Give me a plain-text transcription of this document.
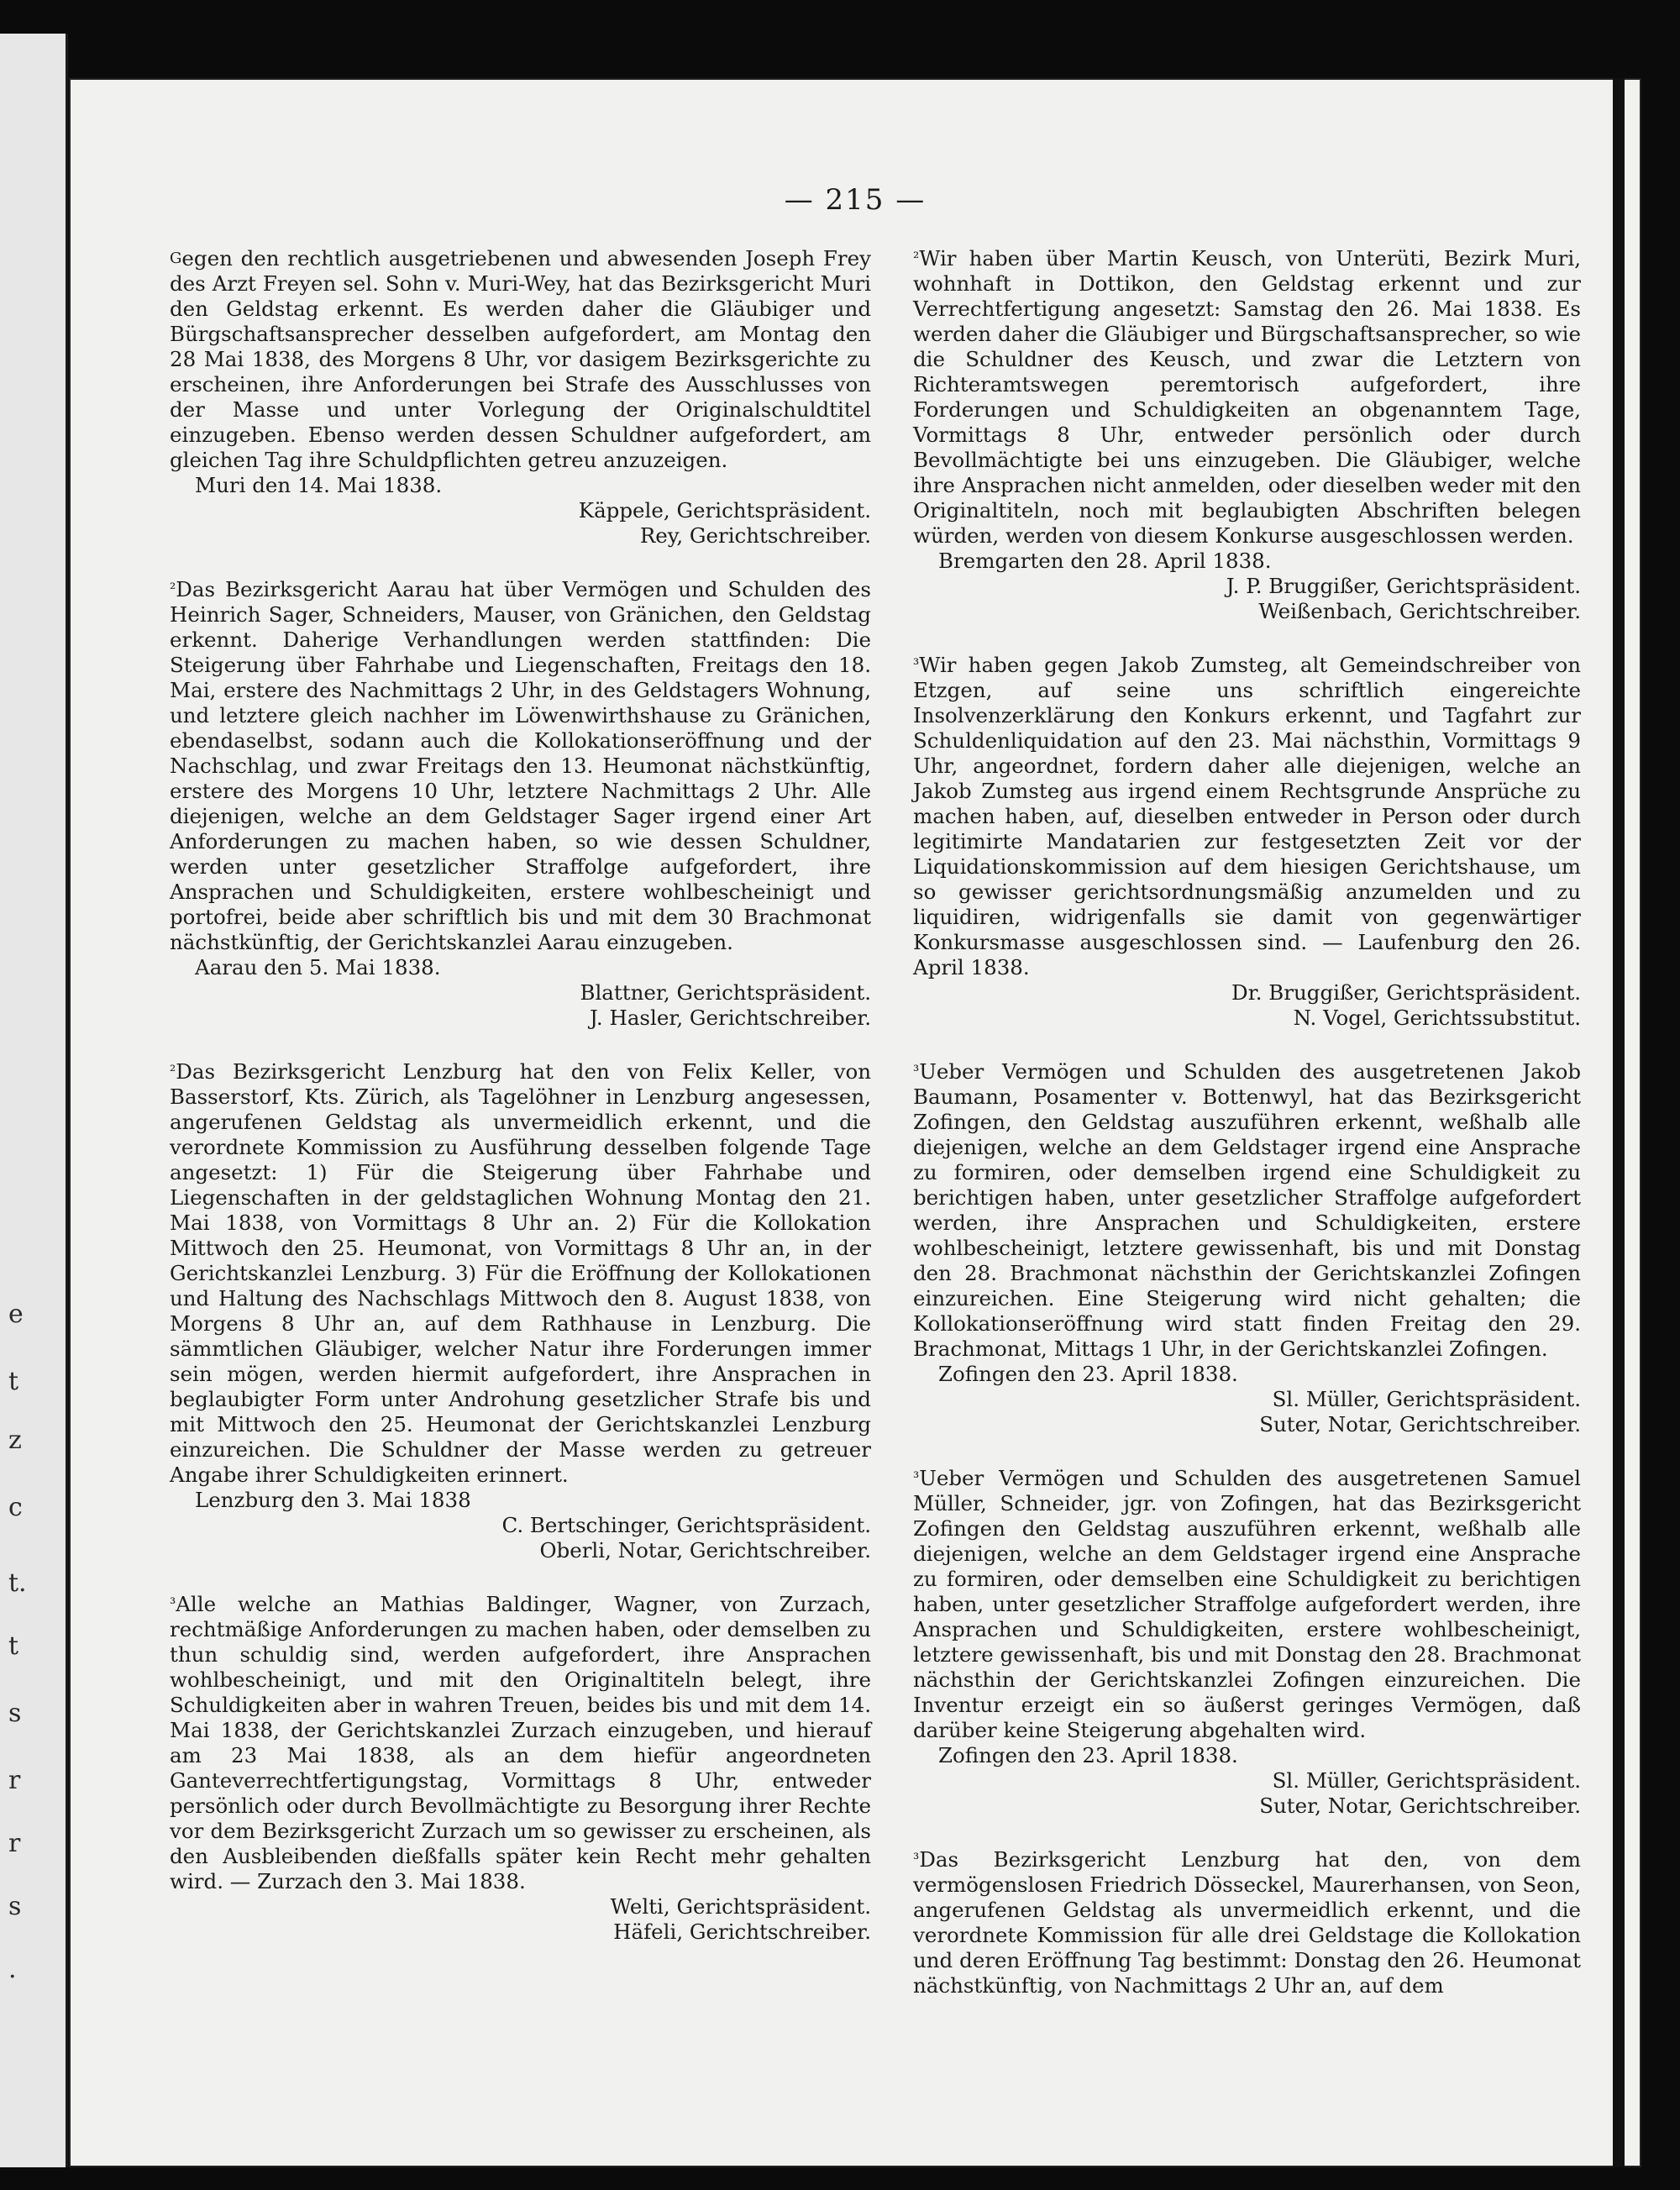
e
t
z
c
t.
t
s
r
r
s
.
— 215 —

Gegen den rechtlich ausgetriebenen und abwesenden Joseph Frey des Arzt Freyen sel. Sohn v. Muri-Wey, hat das Bezirksgericht Muri den Geldstag erkennt. Es werden daher die Gläubiger und Bürgschaftsansprecher desselben aufgefordert, am Montag den 28 Mai 1838, des Morgens 8 Uhr, vor dasigem Bezirksgerichte zu erscheinen, ihre Anforderungen bei Strafe des Ausschlusses von der Masse und unter Vorlegung der Originalschuldtitel einzugeben. Ebenso werden dessen Schuldner aufgefordert, am gleichen Tag ihre Schuldpflichten getreu anzuzeigen.

Muri den 14. Mai 1838.

Käppele, Gerichtspräsident.

Rey, Gerichtschreiber.

²Das Bezirksgericht Aarau hat über Vermögen und Schulden des Heinrich Sager, Schneiders, Mauser, von Gränichen, den Geldstag erkennt. Daherige Verhandlungen werden stattfinden: Die Steigerung über Fahrhabe und Liegenschaften, Freitags den 18. Mai, erstere des Nachmittags 2 Uhr, in des Geldstagers Wohnung, und letztere gleich nachher im Löwenwirthshause zu Gränichen, ebendaselbst, sodann auch die Kollokationseröffnung und der Nachschlag, und zwar Freitags den 13. Heumonat nächstkünftig, erstere des Morgens 10 Uhr, letztere Nachmittags 2 Uhr. Alle diejenigen, welche an dem Geldstager Sager irgend einer Art Anforderungen zu machen haben, so wie dessen Schuldner, werden unter gesetzlicher Straffolge aufgefordert, ihre Ansprachen und Schuldigkeiten, erstere wohlbescheinigt und portofrei, beide aber schriftlich bis und mit dem 30 Brachmonat nächstkünftig, der Gerichtskanzlei Aarau einzugeben.

Aarau den 5. Mai 1838.

Blattner, Gerichtspräsident.

J. Hasler, Gerichtschreiber.

²Das Bezirksgericht Lenzburg hat den von Felix Keller, von Basserstorf, Kts. Zürich, als Tagelöhner in Lenzburg angesessen, angerufenen Geldstag als unvermeidlich erkennt, und die verordnete Kommission zu Ausführung desselben folgende Tage angesetzt: 1) Für die Steigerung über Fahrhabe und Liegenschaften in der geldstaglichen Wohnung Montag den 21. Mai 1838, von Vormittags 8 Uhr an. 2) Für die Kollokation Mittwoch den 25. Heumonat, von Vormittags 8 Uhr an, in der Gerichtskanzlei Lenzburg. 3) Für die Eröffnung der Kollokationen und Haltung des Nachschlags Mittwoch den 8. August 1838, von Morgens 8 Uhr an, auf dem Rathhause in Lenzburg. Die sämmtlichen Gläubiger, welcher Natur ihre Forderungen immer sein mögen, werden hiermit aufgefordert, ihre Ansprachen in beglaubigter Form unter Androhung gesetzlicher Strafe bis und mit Mittwoch den 25. Heumonat der Gerichtskanzlei Lenzburg einzureichen. Die Schuldner der Masse werden zu getreuer Angabe ihrer Schuldigkeiten erinnert.

Lenzburg den 3. Mai 1838

C. Bertschinger, Gerichtspräsident.

Oberli, Notar, Gerichtschreiber.

³Alle welche an Mathias Baldinger, Wagner, von Zurzach, rechtmäßige Anforderungen zu machen haben, oder demselben zu thun schuldig sind, werden aufgefordert, ihre Ansprachen wohlbescheinigt, und mit den Originaltiteln belegt, ihre Schuldigkeiten aber in wahren Treuen, beides bis und mit dem 14. Mai 1838, der Gerichtskanzlei Zurzach einzugeben, und hierauf am 23 Mai 1838, als an dem hiefür angeordneten Ganteverrechtfertigungstag, Vormittags 8 Uhr, entweder persönlich oder durch Bevollmächtigte zu Besorgung ihrer Rechte vor dem Bezirksgericht Zurzach um so gewisser zu erscheinen, als den Ausbleibenden dießfalls später kein Recht mehr gehalten wird. — Zurzach den 3. Mai 1838.

Welti, Gerichtspräsident.

Häfeli, Gerichtschreiber.

²Wir haben über Martin Keusch, von Unterüti, Bezirk Muri, wohnhaft in Dottikon, den Geldstag erkennt und zur Verrechtfertigung angesetzt: Samstag den 26. Mai 1838. Es werden daher die Gläubiger und Bürgschaftsansprecher, so wie die Schuldner des Keusch, und zwar die Letztern von Richteramtswegen peremtorisch aufgefordert, ihre Forderungen und Schuldigkeiten an obgenanntem Tage, Vormittags 8 Uhr, entweder persönlich oder durch Bevollmächtigte bei uns einzugeben. Die Gläubiger, welche ihre Ansprachen nicht anmelden, oder dieselben weder mit den Originaltiteln, noch mit beglaubigten Abschriften belegen würden, werden von diesem Konkurse ausgeschlossen werden.

Bremgarten den 28. April 1838.

J. P. Bruggißer, Gerichtspräsident.

Weißenbach, Gerichtschreiber.

³Wir haben gegen Jakob Zumsteg, alt Gemeindschreiber von Etzgen, auf seine uns schriftlich eingereichte Insolvenzerklärung den Konkurs erkennt, und Tagfahrt zur Schuldenliquidation auf den 23. Mai nächsthin, Vormittags 9 Uhr, angeordnet, fordern daher alle diejenigen, welche an Jakob Zumsteg aus irgend einem Rechtsgrunde Ansprüche zu machen haben, auf, dieselben entweder in Person oder durch legitimirte Mandatarien zur festgesetzten Zeit vor der Liquidationskommission auf dem hiesigen Gerichtshause, um so gewisser gerichtsordnungsmäßig anzumelden und zu liquidiren, widrigenfalls sie damit von gegenwärtiger Konkursmasse ausgeschlossen sind. — Laufenburg den 26. April 1838.

Dr. Bruggißer, Gerichtspräsident.

N. Vogel, Gerichtssubstitut.

³Ueber Vermögen und Schulden des ausgetretenen Jakob Baumann, Posamenter v. Bottenwyl, hat das Bezirksgericht Zofingen, den Geldstag auszuführen erkennt, weßhalb alle diejenigen, welche an dem Geldstager irgend eine Ansprache zu formiren, oder demselben irgend eine Schuldigkeit zu berichtigen haben, unter gesetzlicher Straffolge aufgefordert werden, ihre Ansprachen und Schuldigkeiten, erstere wohlbescheinigt, letztere gewissenhaft, bis und mit Donstag den 28. Brachmonat nächsthin der Gerichtskanzlei Zofingen einzureichen. Eine Steigerung wird nicht gehalten; die Kollokationseröffnung wird statt finden Freitag den 29. Brachmonat, Mittags 1 Uhr, in der Gerichtskanzlei Zofingen.

Zofingen den 23. April 1838.

Sl. Müller, Gerichtspräsident.

Suter, Notar, Gerichtschreiber.

³Ueber Vermögen und Schulden des ausgetretenen Samuel Müller, Schneider, jgr. von Zofingen, hat das Bezirksgericht Zofingen den Geldstag auszuführen erkennt, weßhalb alle diejenigen, welche an dem Geldstager irgend eine Ansprache zu formiren, oder demselben eine Schuldigkeit zu berichtigen haben, unter gesetzlicher Straffolge aufgefordert werden, ihre Ansprachen und Schuldigkeiten, erstere wohlbescheinigt, letztere gewissenhaft, bis und mit Donstag den 28. Brachmonat nächsthin der Gerichtskanzlei Zofingen einzureichen. Die Inventur erzeigt ein so äußerst geringes Vermögen, daß darüber keine Steigerung abgehalten wird.

Zofingen den 23. April 1838.

Sl. Müller, Gerichtspräsident.

Suter, Notar, Gerichtschreiber.

³Das Bezirksgericht Lenzburg hat den, von dem vermögenslosen Friedrich Dösseckel, Maurerhansen, von Seon, angerufenen Geldstag als unvermeidlich erkennt, und die verordnete Kommission für alle drei Geldstage die Kollokation und deren Eröffnung Tag bestimmt: Donstag den 26. Heumonat nächstkünftig, von Nachmittags 2 Uhr an, auf dem
